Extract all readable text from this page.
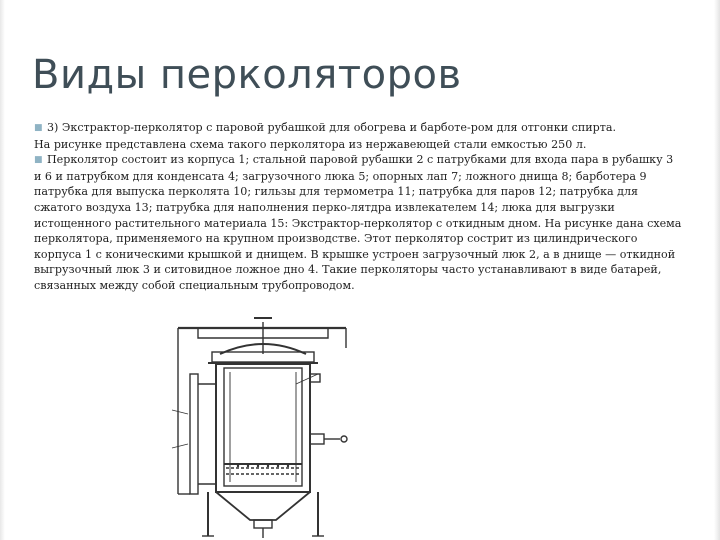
Виды перколяторов

■ 3) Экстрактор-перколятор с паровой рубашкой для обогрева и барботе-ром для отгонки спирта.

На рисунке представлена схема такого перколятора из нержавеющей стали емкостью 250 л.

■ Перколятор состоит из корпуса 1; стальной паровой рубашки 2 с патрубками для входа пара в рубашку 3 и 6 и патрубком для конденсата 4; загрузочного люка 5; опорных лап 7; ложного днища 8; барботера 9 патрубка для выпуска перколята 10; гильзы для термометра 11; патрубка для паров 12; патрубка для сжатого воздуха 13; патрубка для наполнения перко-лятдра извлекателем 14; люка для выгрузки истощенного растительного материала 15: Экстрактор-перколятор с откидным дном. На рисунке дана схема перколятора, применяемого на крупном производстве. Этот перколятор сострит из цилиндрического корпуса 1 с коническими крышкой и днищем. В крышке устроен загрузочный люк 2, а в днище — откидной выгрузочный люк 3 и ситовидное ложное дно 4. Такие перколяторы часто устанавливают в виде батарей, связанных между собой специальным трубопроводом.
